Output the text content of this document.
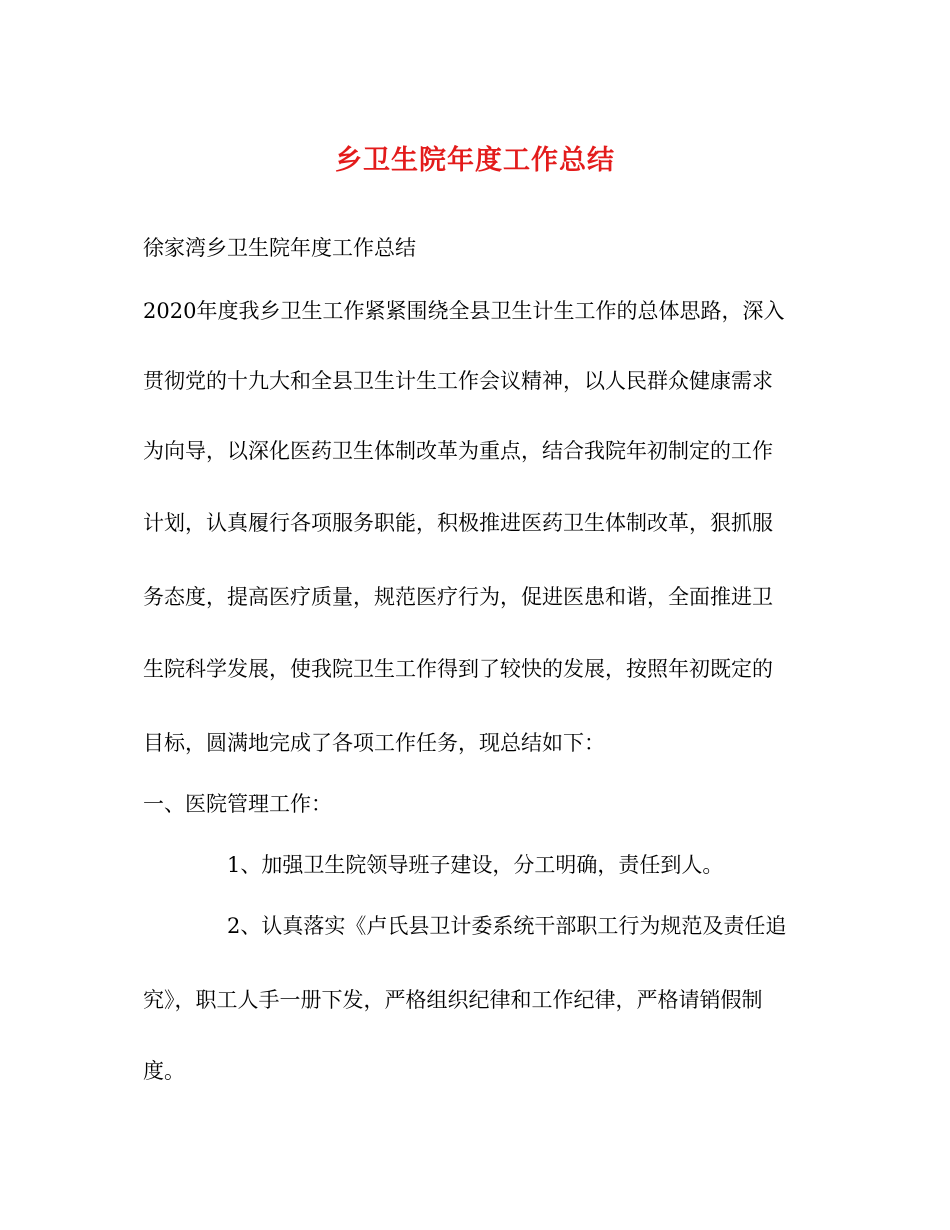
乡卫生院年度工作总结
徐家湾乡卫生院年度工作总结
2020年度我乡卫生工作紧紧围绕全县卫生计生工作的总体思路，深入
贯彻党的十九大和全县卫生计生工作会议精神，以人民群众健康需求
为向导，以深化医药卫生体制改革为重点，结合我院年初制定的工作
计划，认真履行各项服务职能，积极推进医药卫生体制改革，狠抓服
务态度，提高医疗质量，规范医疗行为，促进医患和谐，全面推进卫
生院科学发展，使我院卫生工作得到了较快的发展，按照年初既定的
目标，圆满地完成了各项工作任务，现总结如下：
一、医院管理工作：
1、加强卫生院领导班子建设，分工明确，责任到人。
2、认真落实《卢氏县卫计委系统干部职工行为规范及责任追
究》，职工人手一册下发，严格组织纪律和工作纪律，严格请销假制
度。
